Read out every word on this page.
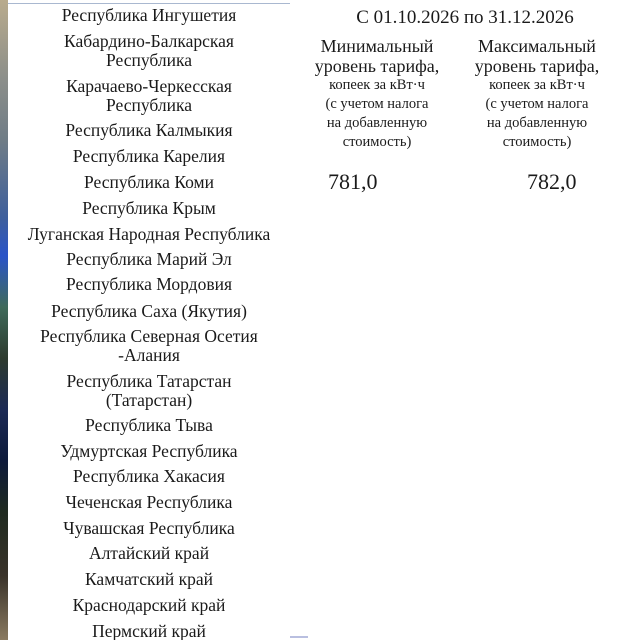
Республика Ингушетия
Кабардино-Балкарская
Республика
Карачаево-Черкесская
Республика
Республика Калмыкия
Республика Карелия
Республика Коми
Республика Крым
Луганская Народная Республика
Республика Марий Эл
Республика Мордовия
Республика Саха (Якутия)
Республика Северная Осетия
-Алания
Республика Татарстан
(Татарстан)
Республика Тыва
Удмуртская Республика
Республика Хакасия
Чеченская Республика
Чувашская Республика
Алтайский край
Камчатский край
Краснодарский край
Пермский край
С 01.10.2026 по 31.12.2026
Минимальный
уровень тарифа,
копеек за кВт·ч
(с учетом налога
на добавленную
стоимость)
Максимальный
уровень тарифа,
копеек за кВт·ч
(с учетом налога
на добавленную
стоимость)
781,0	782,0
